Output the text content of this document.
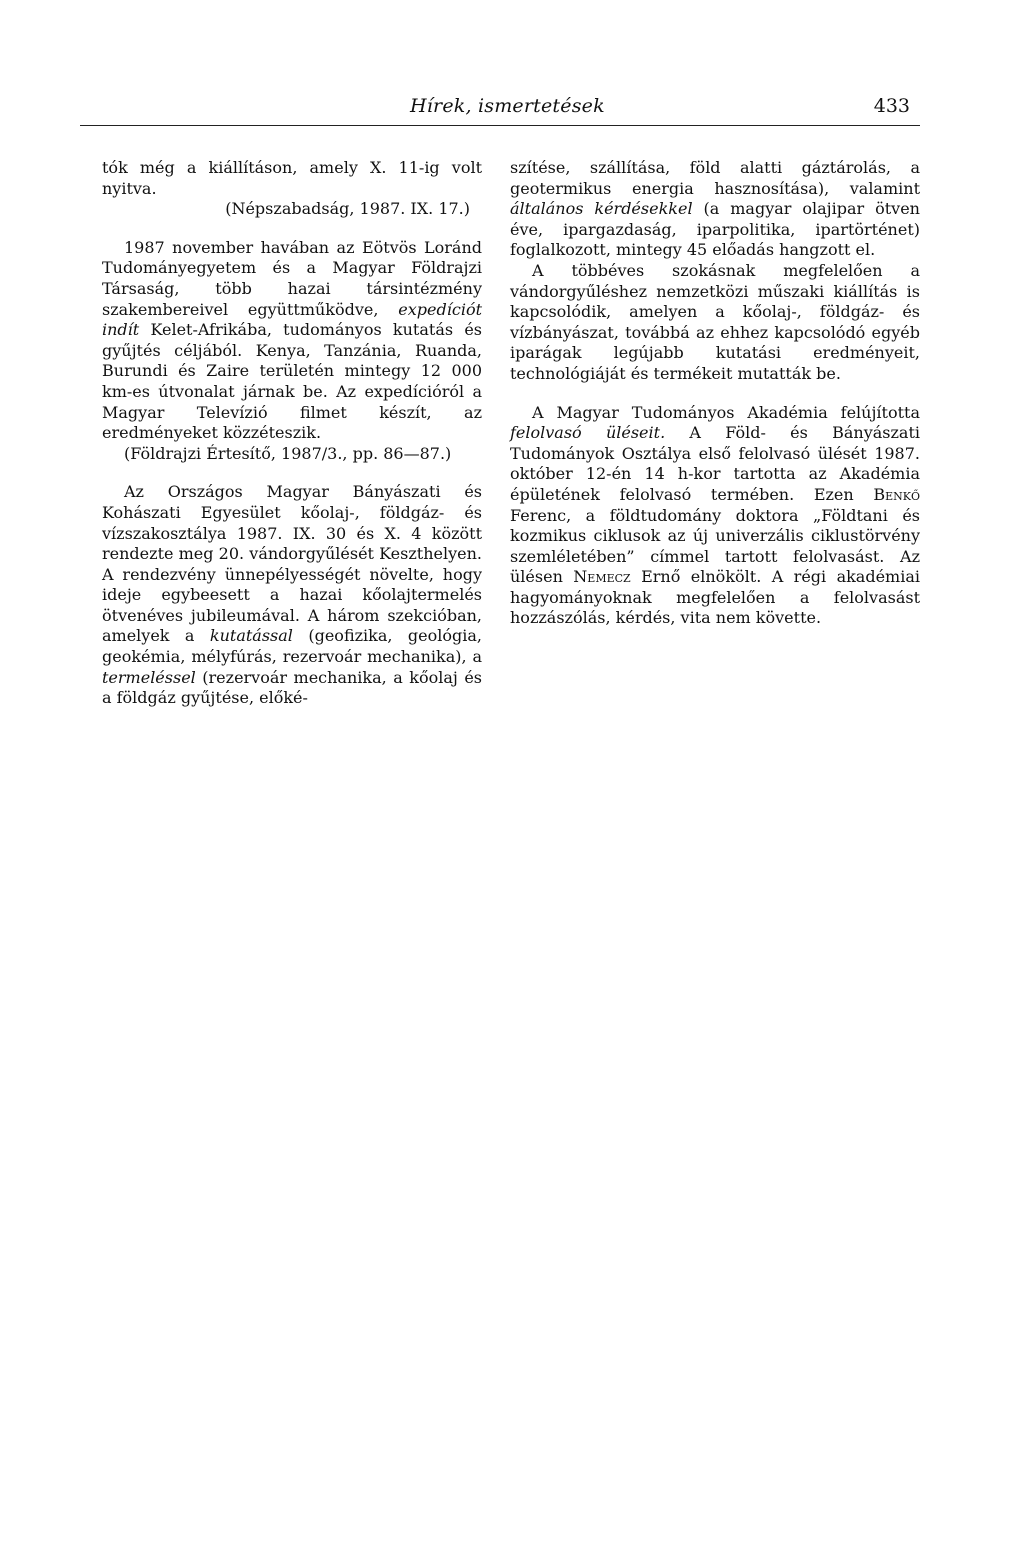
Hírek, ismertetések	433

tók még a kiállításon, amely X. 11-ig volt nyitva.

(Népszabadság, 1987. IX. 17.)

1987 november havában az Eötvös Loránd Tudományegyetem és a Magyar Földrajzi Társaság, több hazai társintézmény szakembereivel együttműködve, expedíciót indít Kelet-Afrikába, tudományos kutatás és gyűjtés céljából. Kenya, Tanzánia, Ruanda, Burundi és Zaire területén mintegy 12 000 km-es útvonalat járnak be. Az expedícióról a Magyar Televízió filmet készít, az eredményeket közzéteszik.

(Földrajzi Értesítő, 1987/3., pp. 86—87.)

Az Országos Magyar Bányászati és Kohászati Egyesület kőolaj-, földgáz- és vízszakosztálya 1987. IX. 30 és X. 4 között rendezte meg 20. vándorgyűlését Keszthelyen. A rendezvény ünnepélyességét növelte, hogy ideje egybeesett a hazai kőolajtermelés ötvenéves jubileumával. A három szekcióban, amelyek a kutatással (geofizika, geológia, geokémia, mélyfúrás, rezervoár mechanika), a termeléssel (rezervoár mechanika, a kőolaj és a földgáz gyűjtése, előké-

szítése, szállítása, föld alatti gáztárolás, a geotermikus energia hasznosítása), valamint általános kérdésekkel (a magyar olajipar ötven éve, ipargazdaság, iparpolitika, ipartörténet) foglalkozott, mintegy 45 előadás hangzott el.

A többéves szokásnak megfelelően a vándorgyűléshez nemzetközi műszaki kiállítás is kapcsolódik, amelyen a kőolaj-, földgáz- és vízbányászat, továbbá az ehhez kapcsolódó egyéb iparágak legújabb kutatási eredményeit, technológiáját és termékeit mutatták be.

A Magyar Tudományos Akadémia felújította felolvasó üléseit. A Föld- és Bányászati Tudományok Osztálya első felolvasó ülését 1987. október 12-én 14 h-kor tartotta az Akadémia épületének felolvasó termében. Ezen Benkő Ferenc, a földtudomány doktora „Földtani és kozmikus ciklusok az új univerzális ciklustörvény szemléletében” címmel tartott felolvasást. Az ülésen Nemecz Ernő elnökölt. A régi akadémiai hagyományoknak megfelelően a felolvasást hozzászólás, kérdés, vita nem követte.
